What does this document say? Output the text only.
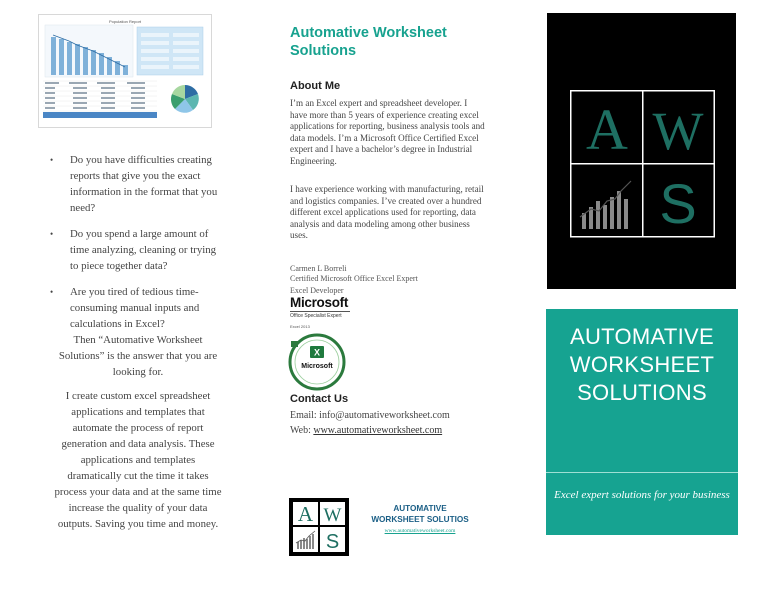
Population Report
• Do you have difficulties creating reports that give you the exact information in the format that you need?
• Do you spend a large amount of time analyzing, cleaning or trying to piece together data?
• Are you tired of tedious time-consuming manual inputs and calculations in Excel?
Then “Automative Worksheet Solutions” is the answer that you are looking for.
I create custom excel spreadsheet applications and templates that automate the process of report generation and data analysis. These applications and templates dramatically cut the time it takes process your data and at the same time increase the quality of your data outputs. Saving you time and money.
Automative Worksheet Solutions
About Me
I’m an Excel expert and spreadsheet developer. I have more than 5 years of experience creating excel applications for reporting, business analysis tools and data models. I’m a Microsoft Office Certified Excel expert and I have a bachelor’s degree in Industrial Engineering.
I have experience working with manufacturing, retail and logistics companies. I’ve created over a hundred different excel applications used for reporting, data analysis and data modeling among other business uses.
Carmen L Borreli
Certified Microsoft Office Excel Expert
Excel Developer
Microsoft
Office Specialist Expert
Excel 2013
X
Microsoft
Contact Us
Email: info@automativeworksheet.com
Web: www.automativeworksheet.com
A W
S
AUTOMATIVE
WORKSHEET SOLUTIOS
www.automativeworksheet.com
A W
S
AUTOMATIVE
WORKSHEET
SOLUTIONS
Excel expert solutions for your business
